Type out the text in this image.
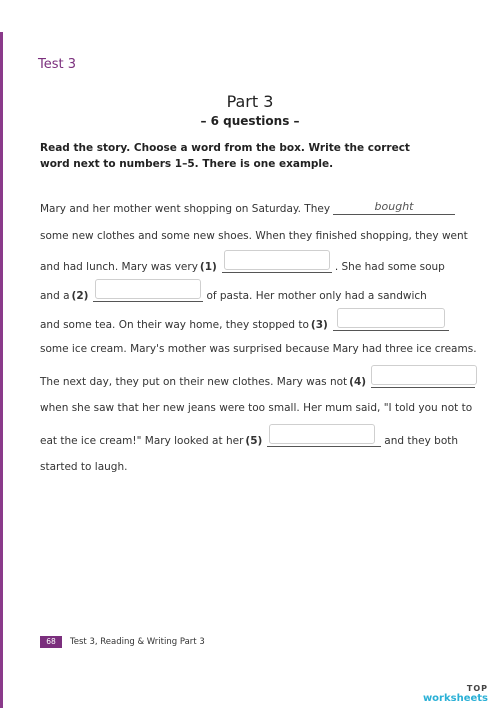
Test 3
Part 3
– 6 questions –
Read the story. Choose a word from the box. Write the correct word next to numbers 1–5. There is one example.
Mary and her mother went shopping on Saturday. They	bought
some new clothes and some new shoes. When they finished shopping, they went
and had lunch. Mary was very (1)	. She had some soup
and a (2)	of pasta. Her mother only had a sandwich
and some tea. On their way home, they stopped to (3)
some ice cream. Mary's mother was surprised because Mary had three ice creams.
The next day, they put on their new clothes. Mary was not (4)
when she saw that her new jeans were too small. Her mum said, "I told you not to
eat the ice cream!" Mary looked at her (5)	and they both
started to laugh.
68	Test 3, Reading & Writing Part 3
TOP
worksheets
